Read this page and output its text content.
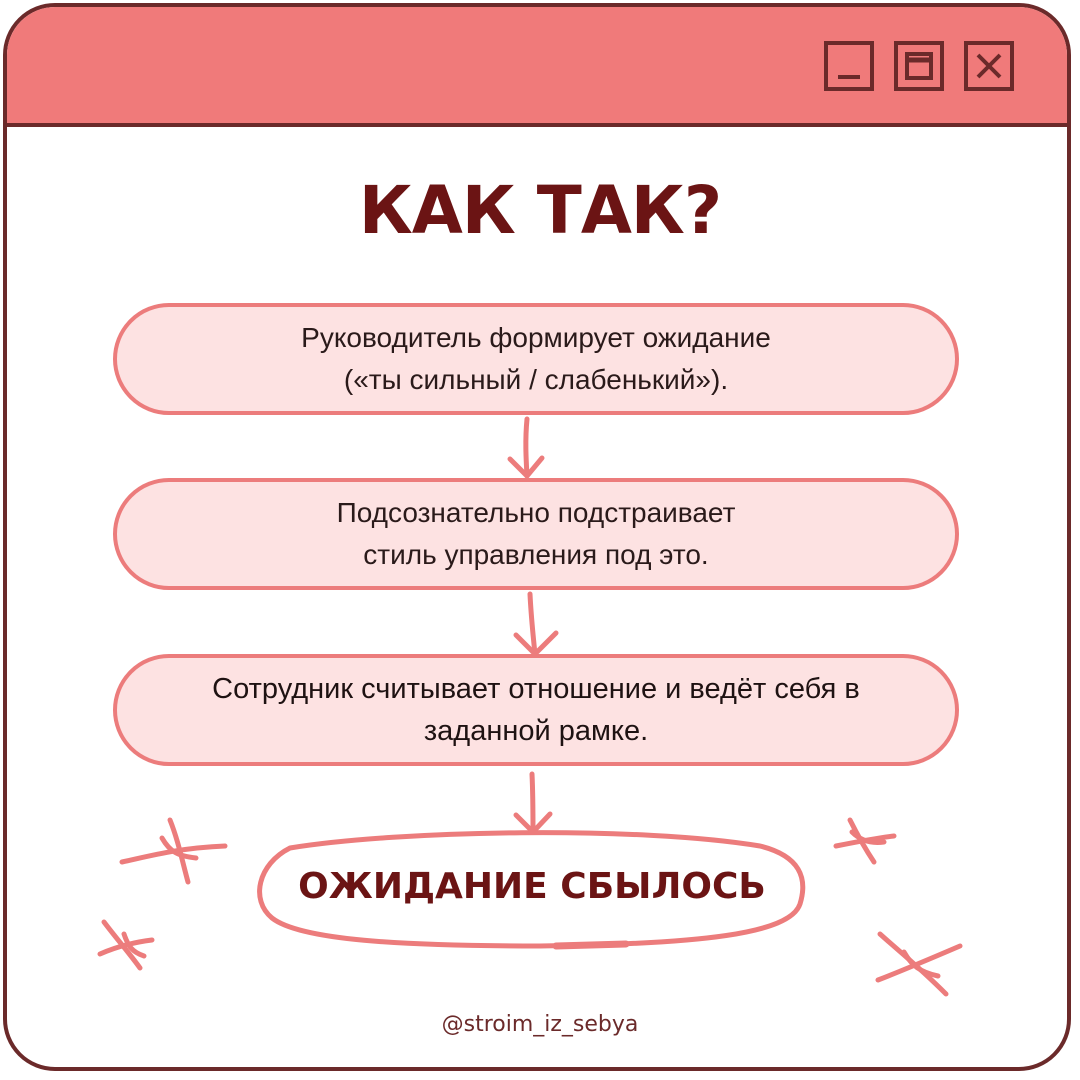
КАК ТАК?
Руководитель формирует ожидание
(«ты сильный / слабенький»).
Подсознательно подстраивает
стиль управления под это.
Сотрудник считывает отношение и ведёт себя в
заданной рамке.
ОЖИДАНИЕ СБЫЛОСЬ
@stroim_iz_sebya
